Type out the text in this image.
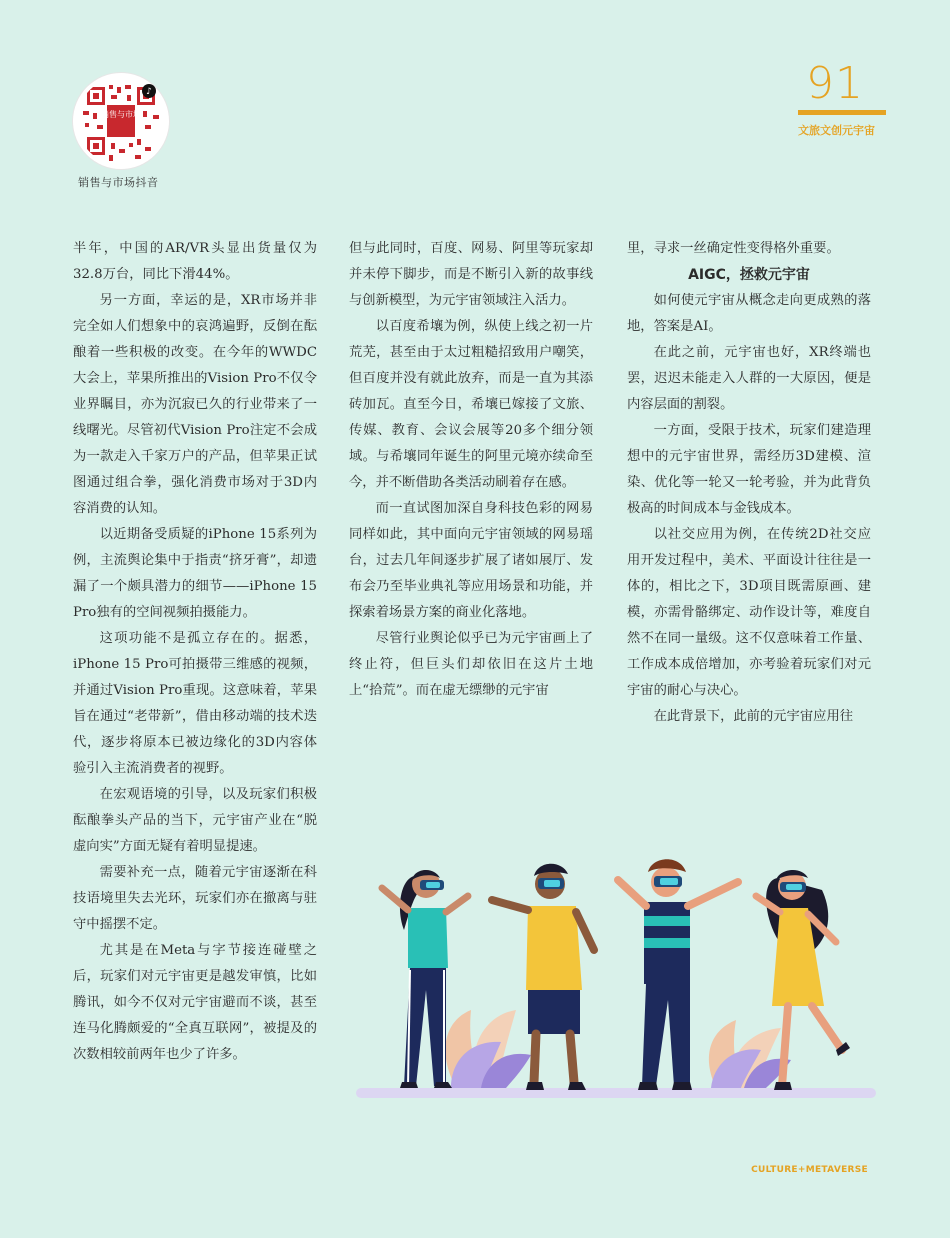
销售与市场
♪
销售与市场抖音
91
文旅文创元宇宙

半年，中国的AR/VR头显出货量仅为32.8万台，同比下滑44%。

另一方面，幸运的是，XR市场并非完全如人们想象中的哀鸿遍野，反倒在酝酿着一些积极的改变。在今年的WWDC大会上，苹果所推出的Vision Pro不仅令业界瞩目，亦为沉寂已久的行业带来了一线曙光。尽管初代Vision Pro注定不会成为一款走入千家万户的产品，但苹果正试图通过组合拳，强化消费市场对于3D内容消费的认知。

以近期备受质疑的iPhone 15系列为例，主流舆论集中于指责“挤牙膏”，却遗漏了一个颇具潜力的细节——iPhone 15 Pro独有的空间视频拍摄能力。

这项功能不是孤立存在的。据悉，iPhone 15 Pro可拍摄带三维感的视频，并通过Vision Pro重现。这意味着，苹果旨在通过“老带新”，借由移动端的技术迭代，逐步将原本已被边缘化的3D内容体验引入主流消费者的视野。

在宏观语境的引导，以及玩家们积极酝酿拳头产品的当下，元宇宙产业在“脱虚向实”方面无疑有着明显提速。

需要补充一点，随着元宇宙逐渐在科技语境里失去光环，玩家们亦在撤离与驻守中摇摆不定。

尤其是在Meta与字节接连碰壁之后，玩家们对元宇宙更是越发审慎，比如腾讯，如今不仅对元宇宙避而不谈，甚至连马化腾颇爱的“全真互联网”，被提及的次数相较前两年也少了许多。

但与此同时，百度、网易、阿里等玩家却并未停下脚步，而是不断引入新的故事线与创新模型，为元宇宙领域注入活力。

以百度希壤为例，纵使上线之初一片荒芜，甚至由于太过粗糙招致用户嘲笑，但百度并没有就此放弃，而是一直为其添砖加瓦。直至今日，希壤已嫁接了文旅、传媒、教育、会议会展等20多个细分领域。与希壤同年诞生的阿里元境亦续命至今，并不断借助各类活动刷着存在感。

而一直试图加深自身科技色彩的网易同样如此，其中面向元宇宙领域的网易瑶台，过去几年间逐步扩展了诸如展厅、发布会乃至毕业典礼等应用场景和功能，并探索着场景方案的商业化落地。

尽管行业舆论似乎已为元宇宙画上了终止符，但巨头们却依旧在这片土地上“拾荒”。而在虚无缥缈的元宇宙

里，寻求一丝确定性变得格外重要。

AIGC，拯救元宇宙

如何使元宇宙从概念走向更成熟的落地，答案是AI。

在此之前，元宇宙也好，XR终端也罢，迟迟未能走入人群的一大原因，便是内容层面的割裂。

一方面，受限于技术，玩家们建造理想中的元宇宙世界，需经历3D建模、渲染、优化等一轮又一轮考验，并为此背负极高的时间成本与金钱成本。

以社交应用为例，在传统2D社交应用开发过程中，美术、平面设计往往是一体的，相比之下，3D项目既需原画、建模，亦需骨骼绑定、动作设计等，难度自然不在同一量级。这不仅意味着工作量、工作成本成倍增加，亦考验着玩家们对元宇宙的耐心与决心。

在此背景下，此前的元宇宙应用往

CULTURE+METAVERSE
